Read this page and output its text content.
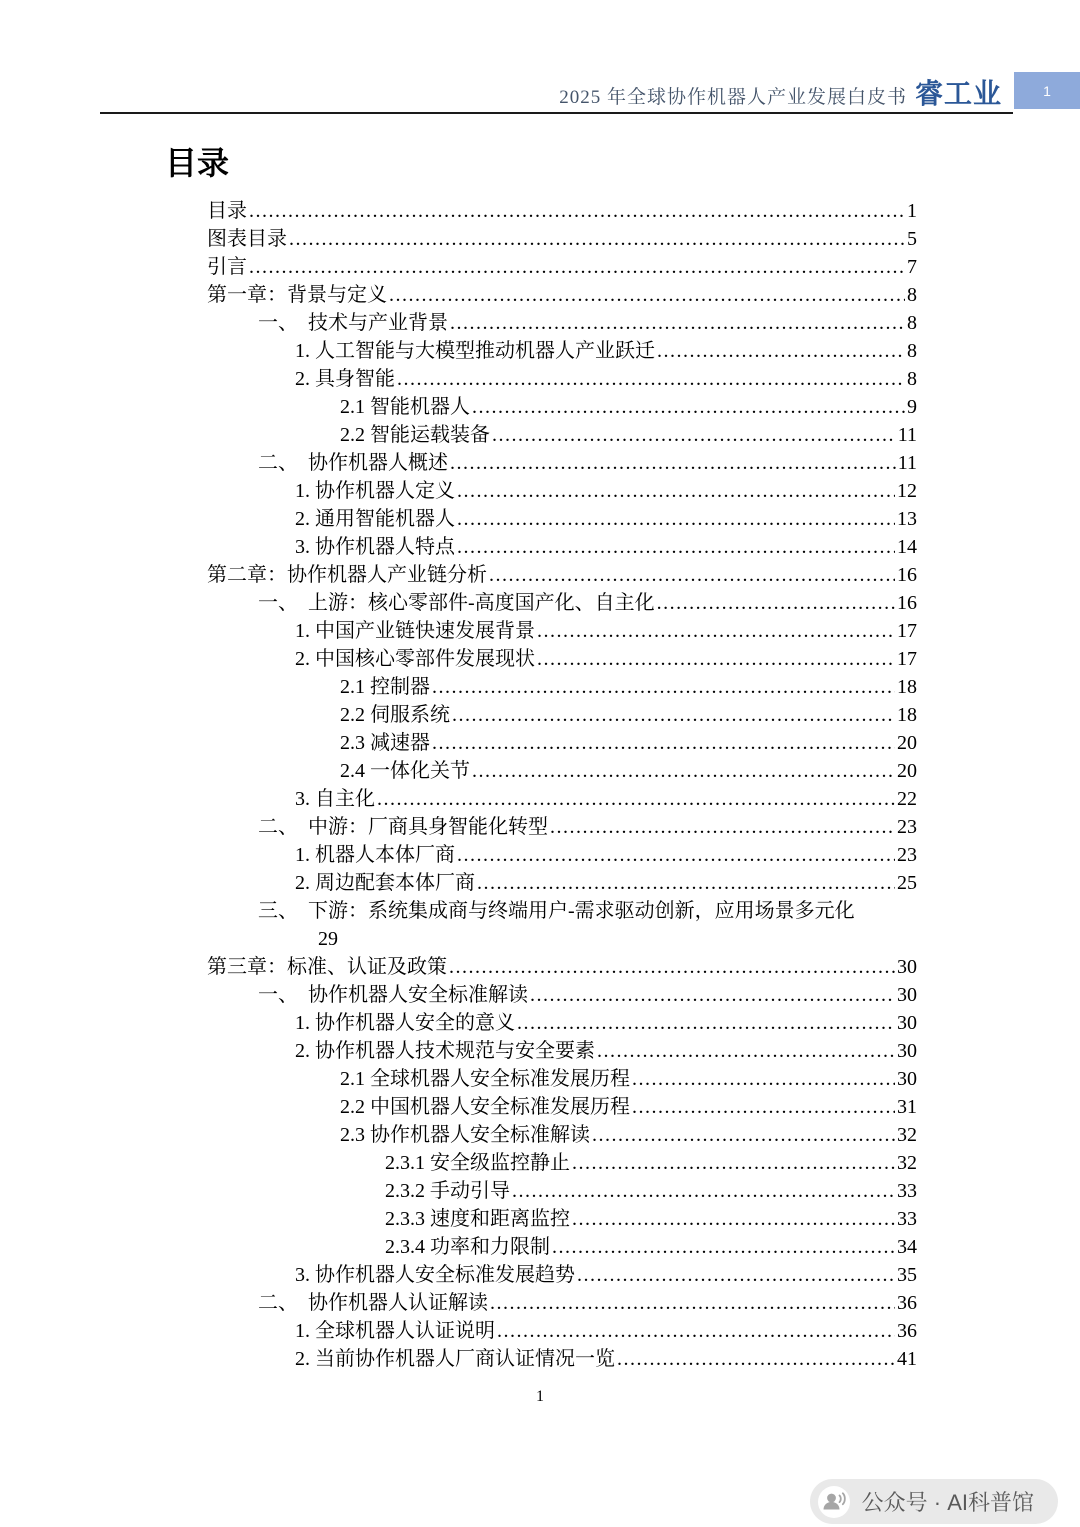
2025 年全球协作机器人产业发展白皮书 睿工业	1
目录
目录 .....	1
图表目录 .....	5
引言 .....	7
第一章：背景与定义 .....	8
一、　技术与产业背景 .....	8
1. 人工智能与大模型推动机器人产业跃迁 .....	8
2. 具身智能 .....	8
2.1 智能机器人 .....	9
2.2 智能运载装备 .....	11
二、　协作机器人概述 .....	11
1. 协作机器人定义 .....	12
2. 通用智能机器人 .....	13
3. 协作机器人特点 .....	14
第二章：协作机器人产业链分析 .....	16
一、　上游：核心零部件-高度国产化、自主化 .....	16
1. 中国产业链快速发展背景 .....	17
2. 中国核心零部件发展现状 .....	17
2.1 控制器 .....	18
2.2 伺服系统 .....	18
2.3 减速器 .....	20
2.4 一体化关节 .....	20
3. 自主化 .....	22
二、　中游：厂商具身智能化转型 .....	23
1. 机器人本体厂商 .....	23
2. 周边配套本体厂商 .....	25
三、　下游：系统集成商与终端用户-需求驱动创新，应用场景多元化
29
第三章：标准、认证及政策 .....	30
一、　协作机器人安全标准解读 .....	30
1. 协作机器人安全的意义 .....	30
2. 协作机器人技术规范与安全要素 .....	30
2.1 全球机器人安全标准发展历程 .....	30
2.2 中国机器人安全标准发展历程 .....	31
2.3 协作机器人安全标准解读 .....	32
2.3.1 安全级监控静止 .....	32
2.3.2 手动引导 .....	33
2.3.3 速度和距离监控 .....	33
2.3.4 功率和力限制 .....	34
3. 协作机器人安全标准发展趋势 .....	35
二、　协作机器人认证解读 .....	36
1. 全球机器人认证说明 .....	36
2. 当前协作机器人厂商认证情况一览 .....	41
1
公众号 · AI科普馆
